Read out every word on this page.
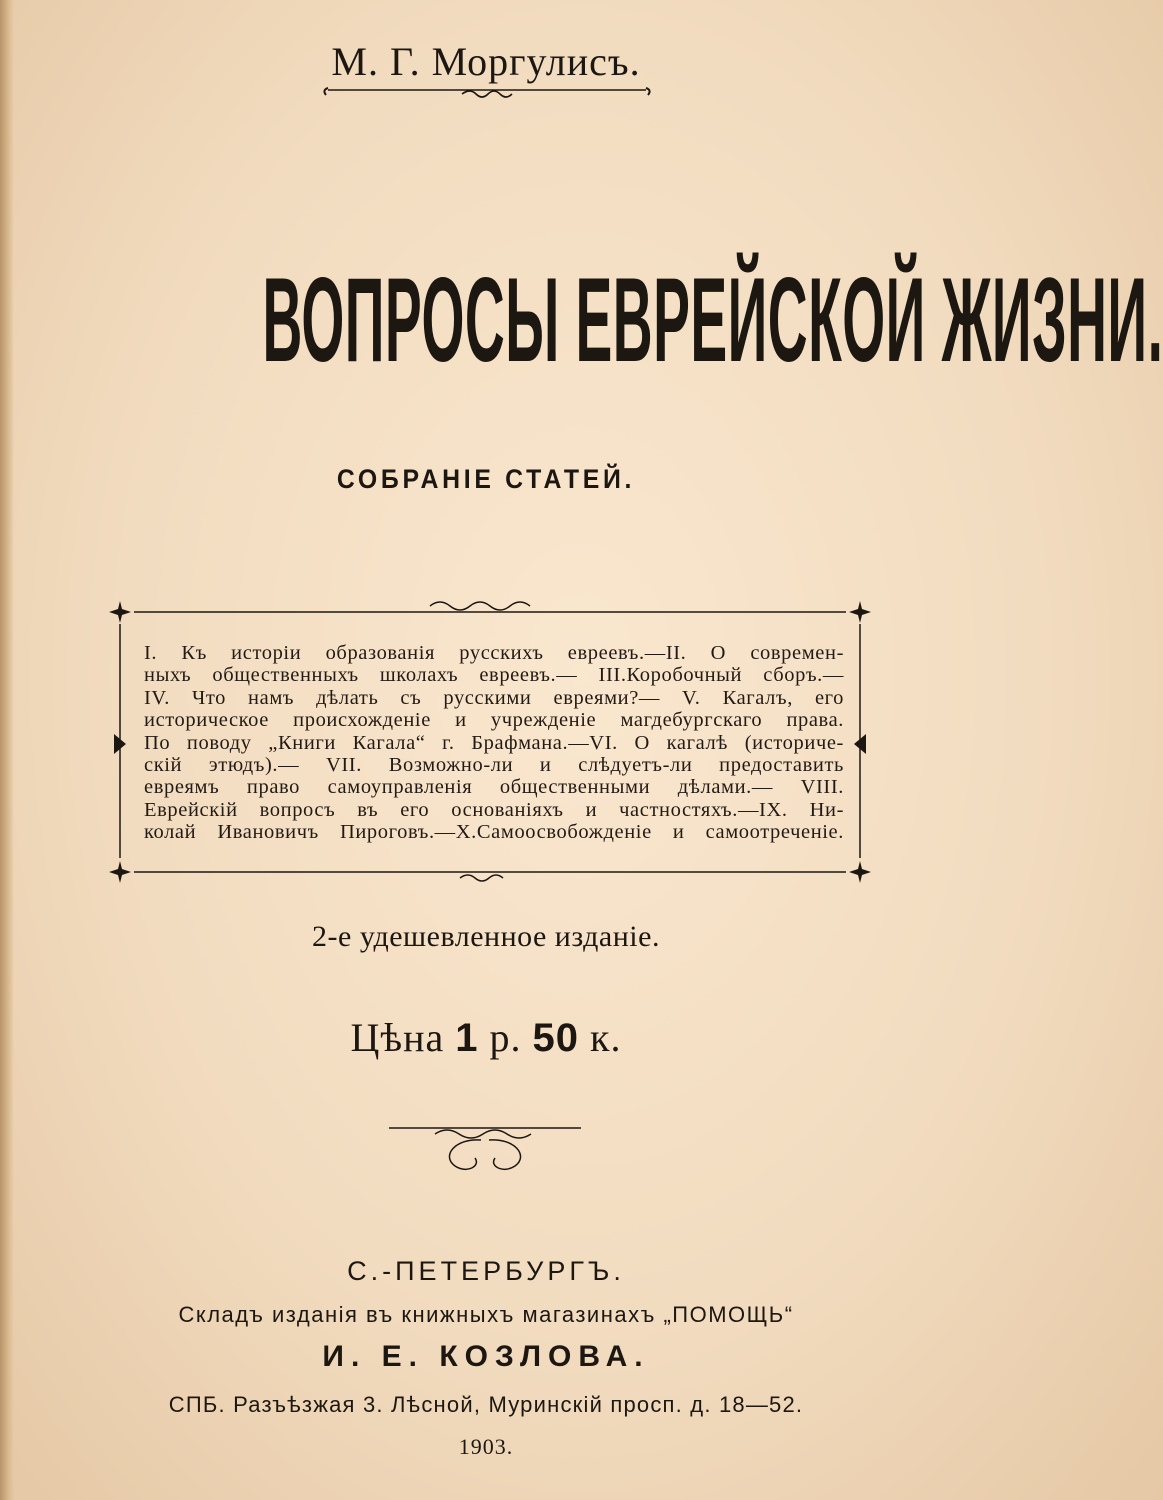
М. Г. Моргулисъ.
ВОПРОСЫ ЕВРЕЙСКОЙ ЖИЗНИ.
СОБРАНІЕ СТАТЕЙ.
I. Къ исторіи образованія русскихъ евреевъ.—II. О современ-
ныхъ общественныхъ школахъ евреевъ.— III.Коробочный сборъ.—
IV. Что намъ дѣлать съ русскими евреями?— V. Кагалъ, его
историческое происхожденіе и учрежденіе магдебургскаго права.
По поводу „Книги Кагала“ г. Брафмана.—VI. О кагалѣ (историче-
скій этюдъ).— VII. Возможно-ли и слѣдуетъ-ли предоставить
евреямъ право самоуправленія общественными дѣлами.— VIII.
Еврейскій вопросъ въ его основаніяхъ и частностяхъ.—IX. Ни-
колай Ивановичъ Пироговъ.—X.Самоосвобожденіе и самоотреченіе.
2-е удешевленное изданіе.
Цѣна 1 р. 50 к.
С.-ПЕТЕРБУРГЪ.
Складъ изданія въ книжныхъ магазинахъ „ПОМОЩЬ“
И. Е. КОЗЛОВА.
СПБ. Разъѣзжая 3. Лѣсной, Муринскій просп. д. 18—52.
1903.
